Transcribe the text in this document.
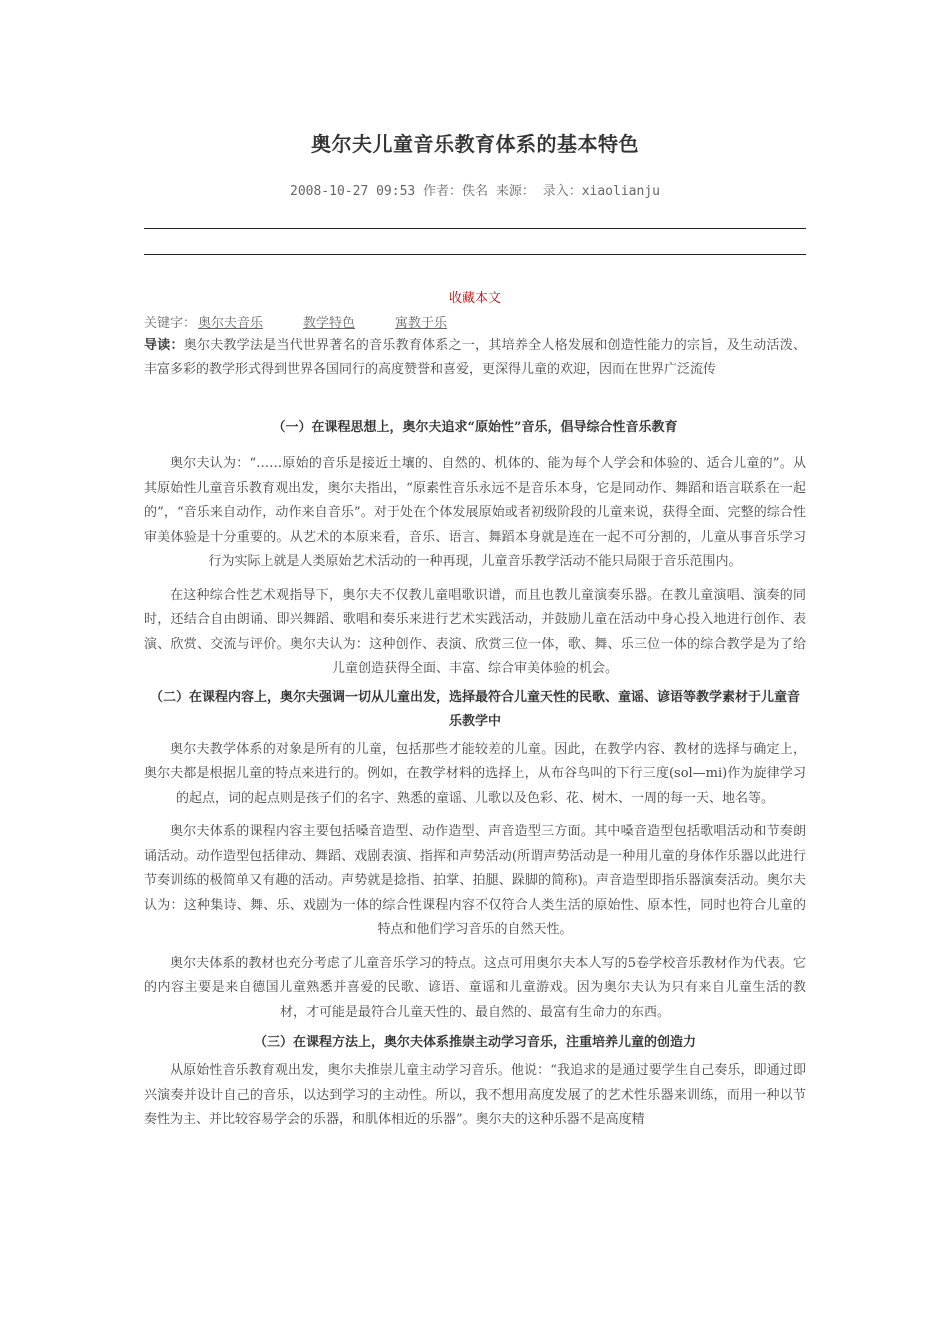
奥尔夫儿童音乐教育体系的基本特色
2008-10-27 09:53 作者：佚名 来源： 录入：xiaolianju
收藏本文
关键字： 奥尔夫音乐	教学特色	寓教于乐
导读：奥尔夫教学法是当代世界著名的音乐教育体系之一，其培养全人格发展和创造性能力的宗旨，及生动活泼、丰富多彩的教学形式得到世界各国同行的高度赞誉和喜爱，更深得儿童的欢迎，因而在世界广泛流传

（一）在课程思想上，奥尔夫追求“原始性”音乐，倡导综合性音乐教育

奥尔夫认为：“……原始的音乐是接近土壤的、自然的、机体的、能为每个人学会和体验的、适合儿童的”。从其原始性儿童音乐教育观出发，奥尔夫指出，“原素性音乐永远不是音乐本身，它是同动作、舞蹈和语言联系在一起的”，“音乐来自动作，动作来自音乐”。对于处在个体发展原始或者初级阶段的儿童来说，获得全面、完整的综合性审美体验是十分重要的。从艺术的本原来看，音乐、语言、舞蹈本身就是连在一起不可分割的，儿童从事音乐学习行为实际上就是人类原始艺术活动的一种再现，儿童音乐教学活动不能只局限于音乐范围内。

在这种综合性艺术观指导下，奥尔夫不仅教儿童唱歌识谱，而且也教儿童演奏乐器。在教儿童演唱、演奏的同时，还结合自由朗诵、即兴舞蹈、歌唱和奏乐来进行艺术实践活动，并鼓励儿童在活动中身心投入地进行创作、表演、欣赏、交流与评价。奥尔夫认为：这种创作、表演、欣赏三位一体，歌、舞、乐三位一体的综合教学是为了给儿童创造获得全面、丰富、综合审美体验的机会。

（二）在课程内容上，奥尔夫强调一切从儿童出发，选择最符合儿童天性的民歌、童谣、谚语等教学素材于儿童音乐教学中

奥尔夫教学体系的对象是所有的儿童，包括那些才能较差的儿童。因此，在教学内容、教材的选择与确定上，奥尔夫都是根据儿童的特点来进行的。例如，在教学材料的选择上，从布谷鸟叫的下行三度(sol—mi)作为旋律学习的起点，词的起点则是孩子们的名字、熟悉的童谣、儿歌以及色彩、花、树木、一周的每一天、地名等。

奥尔夫体系的课程内容主要包括嗓音造型、动作造型、声音造型三方面。其中嗓音造型包括歌唱活动和节奏朗诵活动。动作造型包括律动、舞蹈、戏剧表演、指挥和声势活动(所谓声势活动是一种用儿童的身体作乐器以此进行节奏训练的极简单又有趣的活动。声势就是捻指、拍掌、拍腿、跺脚的简称)。声音造型即指乐器演奏活动。奥尔夫认为：这种集诗、舞、乐、戏剧为一体的综合性课程内容不仅符合人类生活的原始性、原本性，同时也符合儿童的特点和他们学习音乐的自然天性。

奥尔夫体系的教材也充分考虑了儿童音乐学习的特点。这点可用奥尔夫本人写的5卷学校音乐教材作为代表。它的内容主要是来自德国儿童熟悉并喜爱的民歌、谚语、童谣和儿童游戏。因为奥尔夫认为只有来自儿童生活的教材，才可能是最符合儿童天性的、最自然的、最富有生命力的东西。

（三）在课程方法上，奥尔夫体系推崇主动学习音乐，注重培养儿童的创造力

从原始性音乐教育观出发，奥尔夫推崇儿童主动学习音乐。他说：“我追求的是通过要学生自己奏乐，即通过即兴演奏并设计自己的音乐，以达到学习的主动性。所以，我不想用高度发展了的艺术性乐器来训练，而用一种以节奏性为主、并比较容易学会的乐器，和肌体相近的乐器”。奥尔夫的这种乐器不是高度精
